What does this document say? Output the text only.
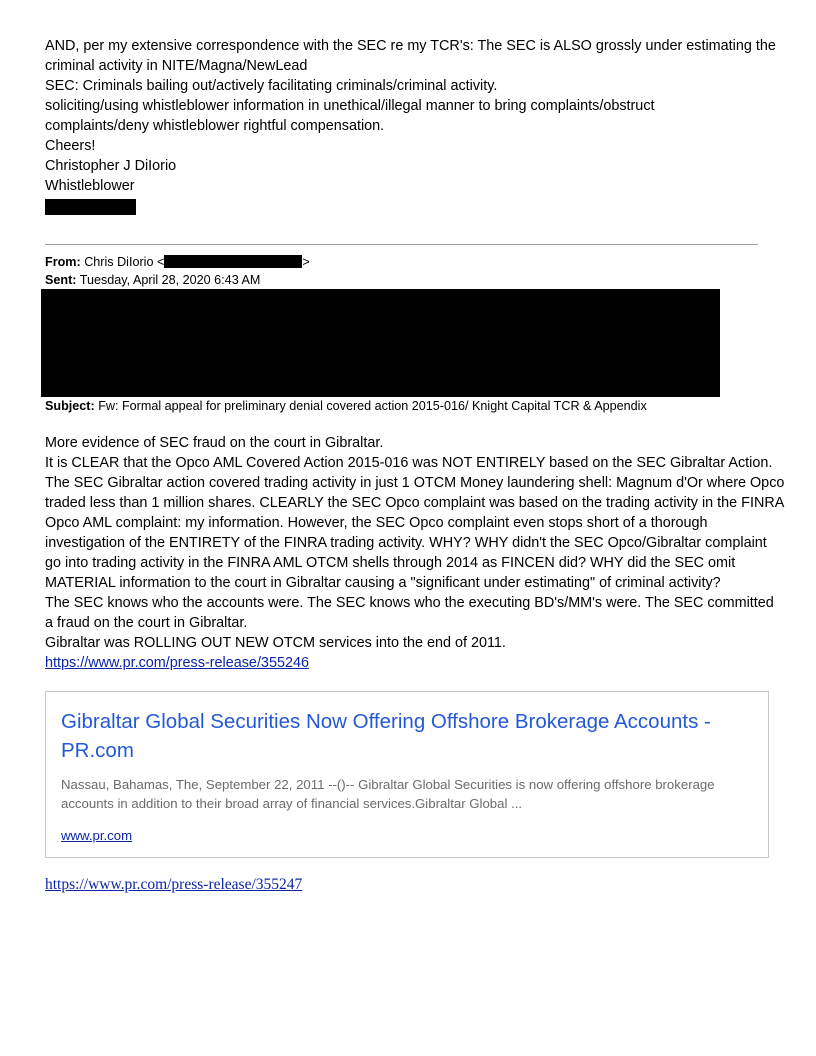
AND, per my extensive correspondence with the SEC re my TCR's: The SEC is ALSO grossly under estimating the
criminal activity in NITE/Magna/NewLead
SEC: Criminals bailing out/actively facilitating criminals/criminal activity.
soliciting/using whistleblower information in unethical/illegal manner to bring complaints/obstruct
complaints/deny whistleblower rightful compensation.
Cheers!
Christopher J DiIorio
Whistleblower
From: Chris DiIorio <	>
Sent: Tuesday, April 28, 2020 6:43 AM
Subject: Fw: Formal appeal for preliminary denial covered action 2015-016/ Knight Capital TCR & Appendix

More evidence of SEC fraud on the court in Gibraltar.

It is CLEAR that the Opco AML Covered Action 2015-016 was NOT ENTIRELY based on the SEC Gibraltar Action. The SEC Gibraltar action covered trading activity in just 1 OTCM Money laundering shell: Magnum d'Or where Opco traded less than 1 million shares. CLEARLY the SEC Opco complaint was based on the trading activity in the FINRA Opco AML complaint: my information. However, the SEC Opco complaint even stops short of a thorough investigation of the ENTIRETY of the FINRA trading activity. WHY? WHY didn't the SEC Opco/Gibraltar complaint go into trading activity in the FINRA AML OTCM shells through 2014 as FINCEN did? WHY did the SEC omit MATERIAL information to the court in Gibraltar causing a "significant under estimating" of criminal activity?

The SEC knows who the accounts were. The SEC knows who the executing BD's/MM's were. The SEC committed a fraud on the court in Gibraltar.

Gibraltar was ROLLING OUT NEW OTCM services into the end of 2011.

https://www.pr.com/press-release/355246

Gibraltar Global Securities Now Offering Offshore Brokerage Accounts - PR.com
Nassau, Bahamas, The, September 22, 2011 --()-- Gibraltar Global Securities is now offering offshore brokerage accounts in addition to their broad array of financial services.Gibraltar Global ...
www.pr.com
https://www.pr.com/press-release/355247
